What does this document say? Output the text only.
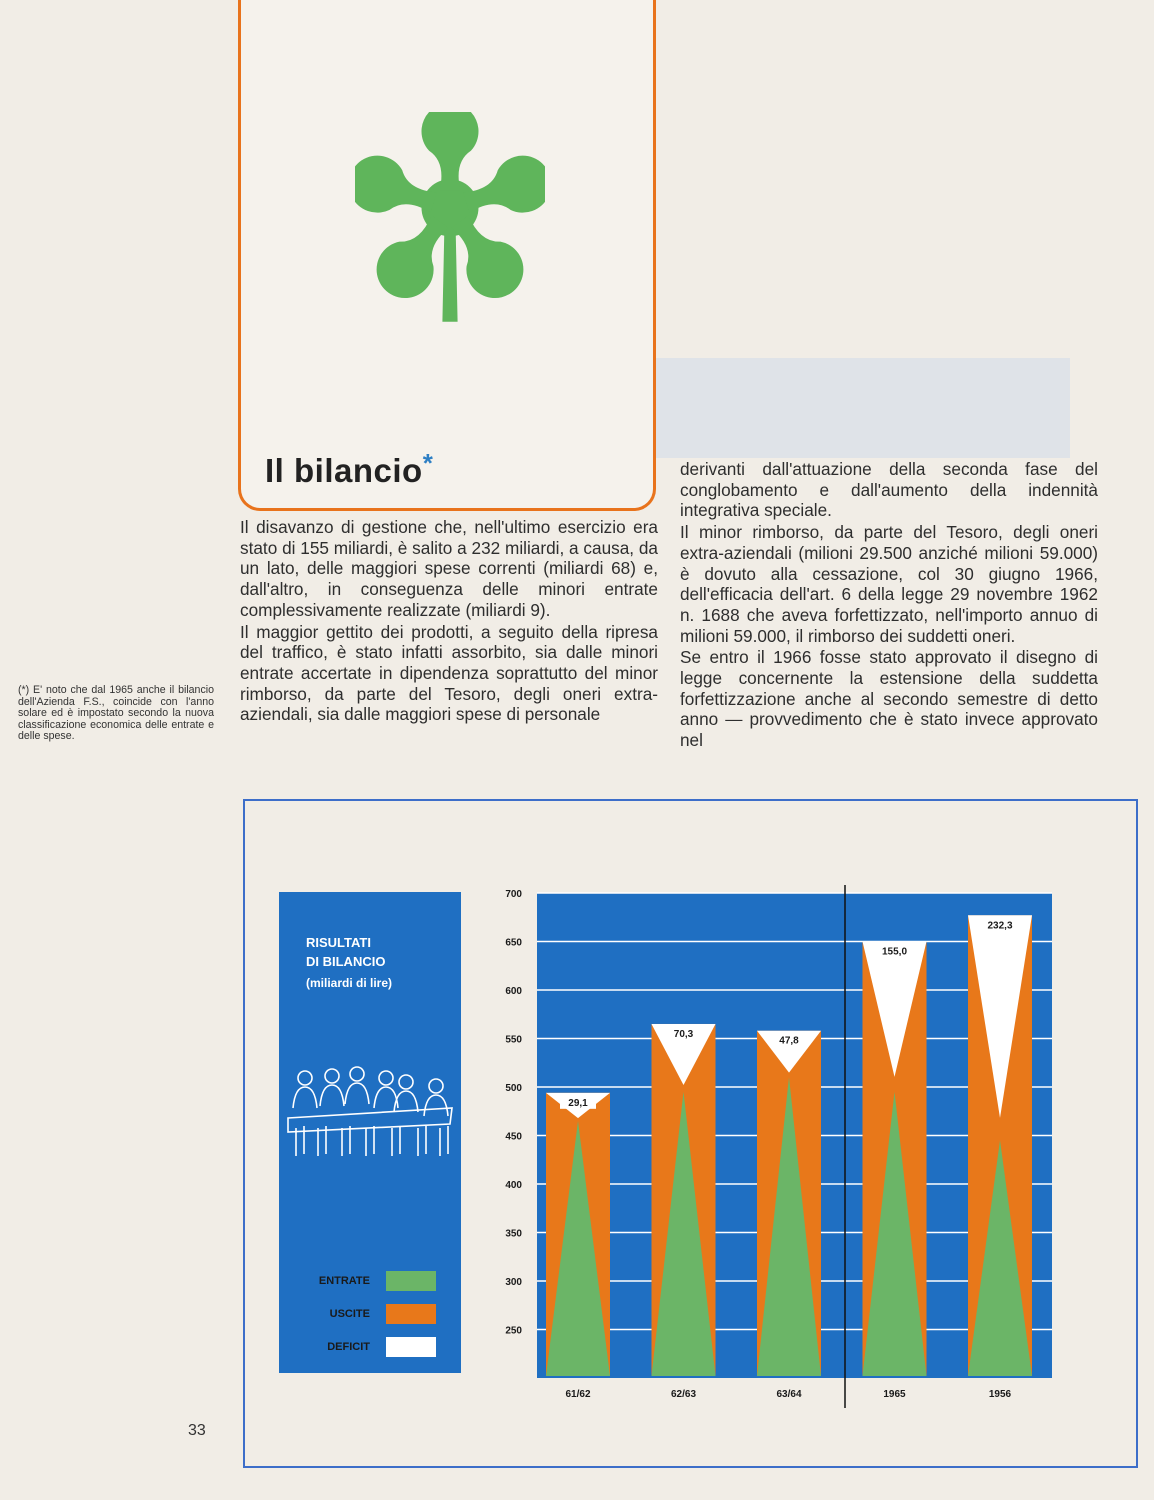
Il bilancio*

Il disavanzo di gestione che, nell'ultimo esercizio era stato di 155 miliardi, è salito a 232 miliardi, a causa, da un lato, delle maggiori spese correnti (miliardi 68) e, dall'altro, in conseguenza delle minori entrate complessivamente realizzate (miliardi 9).

Il maggior gettito dei prodotti, a seguito della ripresa del traffico, è stato infatti assorbito, sia dalle minori entrate accertate in dipendenza soprattutto del minor rimborso, da parte del Tesoro, degli oneri extra-aziendali, sia dalle maggiori spese di personale

derivanti dall'attuazione della seconda fase del conglobamento e dall'aumento della indennità integrativa speciale.

Il minor rimborso, da parte del Tesoro, degli oneri extra-aziendali (milioni 29.500 anziché milioni 59.000) è dovuto alla cessazione, col 30 giugno 1966, dell'efficacia dell'art. 6 della legge 29 novembre 1962 n. 1688 che aveva forfettizzato, nell'importo annuo di milioni 59.000, il rimborso dei suddetti oneri.

Se entro il 1966 fosse stato approvato il disegno di legge concernente la estensione della suddetta forfettizzazione anche al secondo semestre di detto anno — provvedimento che è stato invece approvato nel

(*) E' noto che dal 1965 anche il bilancio dell'Azienda F.S., coincide con l'anno solare ed è impostato secondo la nuova classificazione economica delle entrate e delle spese.

33
RISULTATI
DI BILANCIO
(miliardi di lire)
ENTRATE
USCITE
DEFICIT
250
300
350
400
450
500
550
600
650
700
29,1
61/62
70,3
62/63
47,8
63/64
155,0
1965
232,3
1956
